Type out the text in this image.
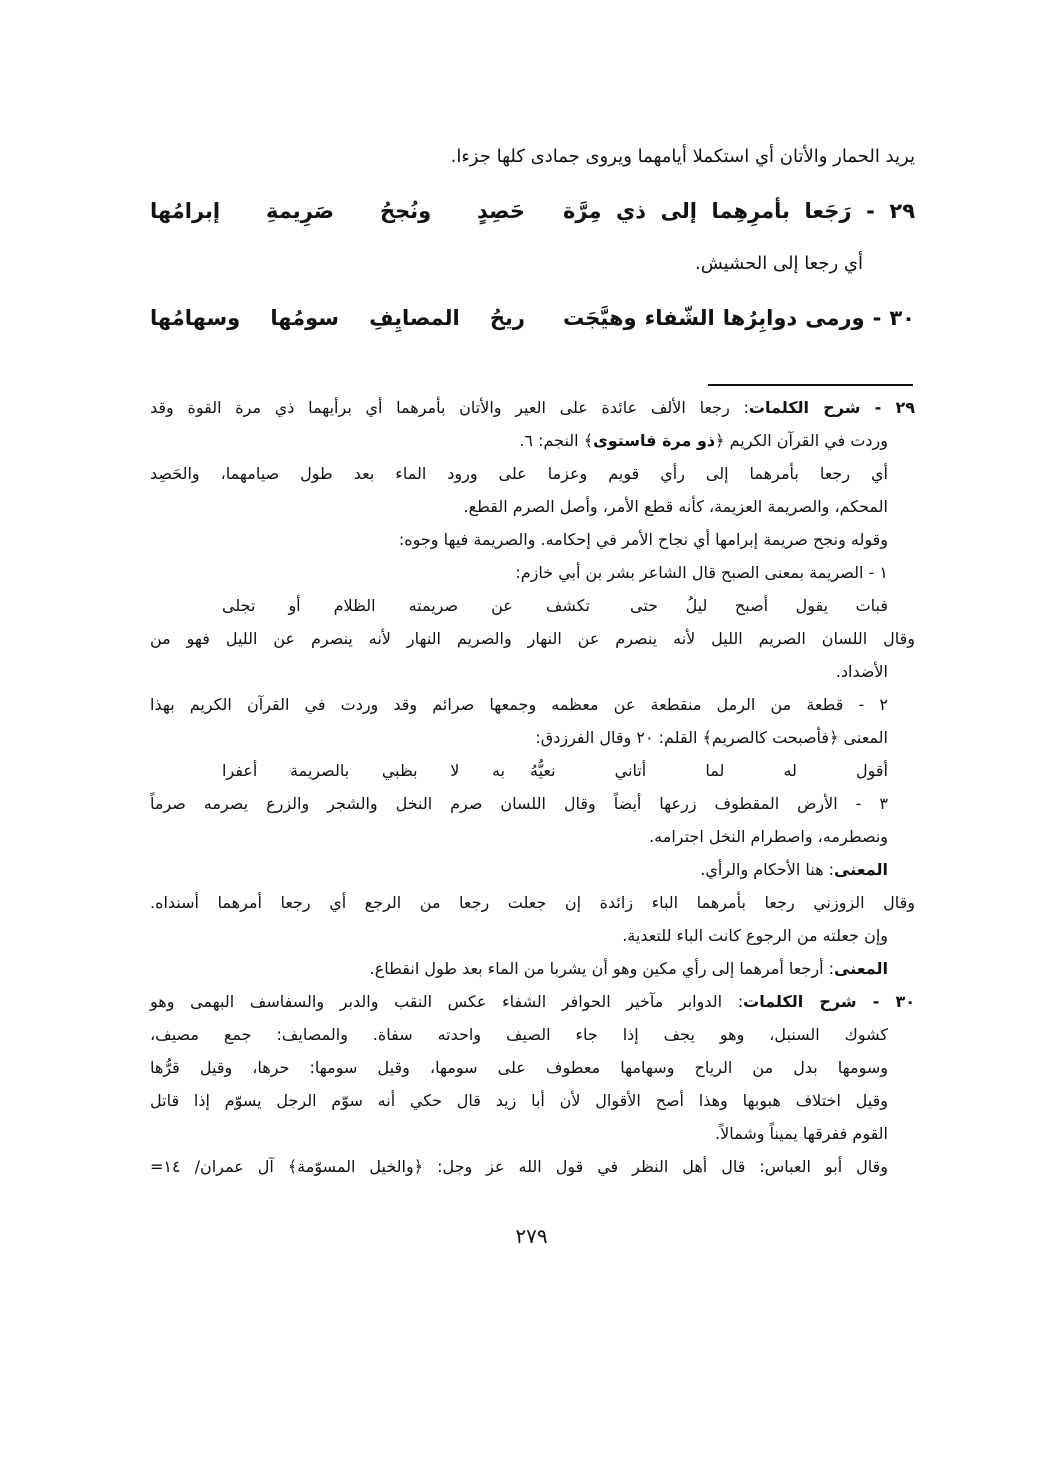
يريد الحمار والأتان أي استكملا أيامهما ويروى جمادى كلها جزءا.
٢٩ - رَجَعا بأمرِهِما إلى ذي مِرَّة
حَصِدٍ ونُجحُ صَرِيمةِ إبرامُها
أي رجعا إلى الحشيش.
٣٠ - ورمى دوابِرُها الشّفاء وهيَّجَت
ريحُ المصايِفِ سومُها وسهامُها
٢٩ - شرح الكلمات: رجعا الألف عائدة على العير والأتان بأمرهما أي برأيهما ذي مرة القوة وقد
وردت في القرآن الكريم ﴿ذو مرة فاستوى﴾ النجم: ٦.
أي رجعا بأمرهما إلى رأي قويم وعزما على ورود الماء بعد طول صيامهما، والحَصِد
المحكم، والصريمة العزيمة، كأنه قطع الأمر، وأصل الصرم القطع.
وقوله ونجح صريمة إبرامها أي نجاح الأمر في إحكامه. والصريمة فيها وجوه:
١ - الصريمة بمعنى الصبح قال الشاعر بشر بن أبي خازم:
فبات يقول أصبح ليلُ حتى
تكشف عن صريمته الظلام أو تجلى
وقال اللسان الصريم الليل لأنه ينصرم عن النهار والصريم النهار لأنه ينصرم عن الليل فهو من
الأضداد.
٢ - قطعة من الرمل منقطعة عن معظمه وجمعها صرائم وقد وردت في القرآن الكريم بهذا
المعنى ﴿فأصبحت كالصريم﴾ القلم: ٢٠ وقال الفرزدق:
أقول له لما أتاني نعيُّهُ
به لا بظبي بالصريمة أعفرا
٣ - الأرض المقطوف زرعها أيضاً وقال اللسان صرم النخل والشجر والزرع يصرمه صرماً
ونصطرمه، واصطرام النخل اجترامه.
المعنى: هنا الأحكام والرأي.
وقال الزوزني رجعا بأمرهما الباء زائدة إن جعلت رجعا من الرجع أي رجعا أمرهما أسنداه.
وإن جعلته من الرجوع كانت الباء للتعدية.
المعنى: أرجعا أمرهما إلى رأي مكين وهو أن يشربا من الماء بعد طول انقطاع.
٣٠ - شرح الكلمات: الدوابر مآخير الحوافر الشفاء عكس النقب والدبر والسفاسف البهمى وهو
كشوك السنبل، وهو يجف إذا جاء الصيف واحدته سفاة. والمصايف: جمع مصيف،
وسومها بدل من الرياح وسهامها معطوف على سومها، وقيل سومها: حرها، وقيل قرُّها
وقيل اختلاف هبوبها وهذا أصح الأقوال لأن أبا زيد قال حكي أنه سوّم الرجل يسوّم إذا قاتل
القوم ففرقها يميناً وشمالاً.
وقال أبو العباس: قال أهل النظر في قول الله عز وجل: ﴿والخيل المسوّمة﴾ آل عمران/ ١٤=
٢٧٩
